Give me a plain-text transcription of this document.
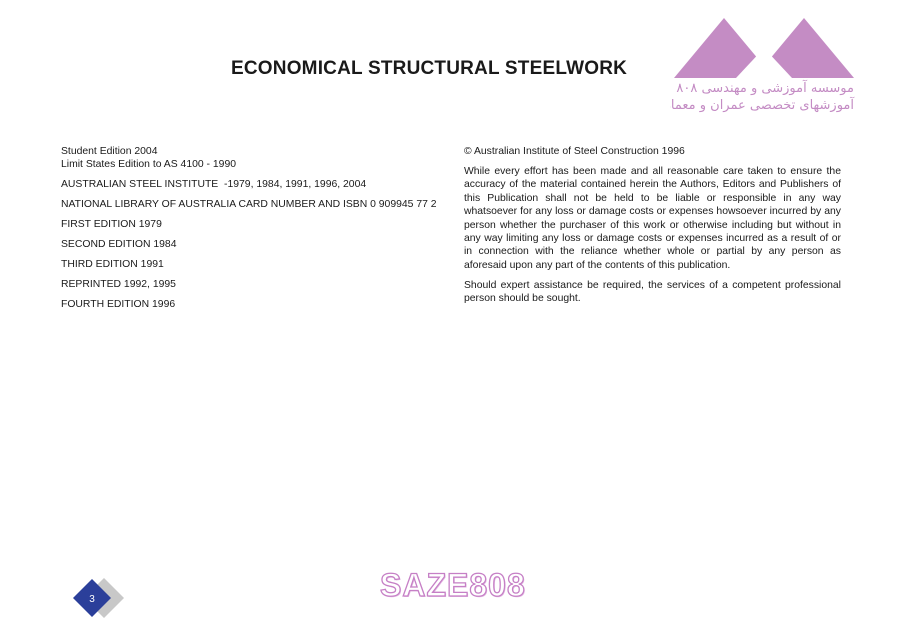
ECONOMICAL STRUCTURAL STEELWORK
موسسه آموزشی و مهندسی ۸۰۸
آموزشهای تخصصی عمران و معماری

Student Edition 2004
Limit States Edition to AS 4100 - 1990

AUSTRALIAN STEEL INSTITUTE  -1979, 1984, 1991, 1996, 2004

NATIONAL LIBRARY OF AUSTRALIA CARD NUMBER AND ISBN 0 909945 77 2

FIRST EDITION 1979

SECOND EDITION 1984

THIRD EDITION 1991

REPRINTED 1992, 1995

FOURTH EDITION 1996

© Australian Institute of Steel Construction 1996

While every effort has been made and all reasonable care taken to ensure the accuracy of the material contained herein the Authors, Editors and Publishers of this Publication shall not be held to be liable or responsible in any way whatsoever for any loss or damage costs or expenses howsoever incurred by any person whether the purchaser of this work or otherwise including but without in any way limiting any loss or damage costs or expenses incurred as a result of or in connection with the reliance whether whole or partial by any person as aforesaid upon any part of the contents of this publication.

Should expert assistance be required, the services of a competent professional person should be sought.

3	SAZE808
